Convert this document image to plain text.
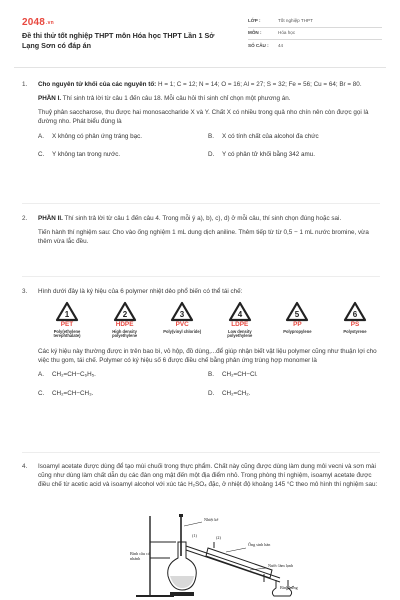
2048.vn
Đề thi thử tốt nghiệp THPT môn Hóa học THPT Lần 1 Sở Lạng Sơn có đáp án
LỚP :	Tốt nghiệp THPT
MÔN :	Hóa học
SỐ CÂU :	44
1. Cho nguyên tử khối của các nguyên tố: H = 1; C = 12; N = 14; O = 16; Al = 27; S = 32; Fe = 56; Cu = 64; Br = 80.
PHẦN I. Thí sinh trả lời từ câu 1 đến câu 18. Mỗi câu hỏi thí sinh chỉ chọn một phương án.
Thuỷ phân saccharose, thu được hai monosaccharide X và Y. Chất X có nhiều trong quả nho chín nên còn được gọi là đường nho. Phát biểu đúng là
A.	X không có phản ứng tráng bạc.	B.	X có tính chất của alcohol đa chức
C.	Y không tan trong nước.	D.	Y có phân tử khối bằng 342 amu.
2. PHẦN II. Thí sinh trả lời từ câu 1 đến câu 4. Trong mỗi ý a), b), c), d) ở mỗi câu, thí sinh chọn đúng hoặc sai.
Tiến hành thí nghiệm sau: Cho vào ống nghiệm 1 mL dung dịch aniline. Thêm tiếp từ từ 0,5 − 1 mL nước bromine, vừa thêm vừa lắc đều.
3. Hình dưới đây là ký hiệu của 6 polymer nhiệt dẻo phổ biến có thể tái chế:
1
PET
Poly(ethylene terephthalate)
2
HDPE
High density polyethylene
3
PVC
Poly(vinyl chloride)
4
LDPE
Low density polyethylene
5
PP
Polypropylene
6
PS
Polystyrene
Các ký hiệu này thường được in trên bao bì, vỏ hộp, đồ dùng,...để giúp nhận biết vật liệu polymer cũng như thuận lợi cho việc thu gom, tái chế. Polymer có ký hiệu số 6 được điều chế bằng phản ứng trùng hợp monomer là
A.	CH₂=CH−C₆H₅.	B.	CH₂=CH−Cl.
C.	CH₂=CH−CH₃.	D.	CH₂=CH₂.
4. Isoamyl acetate được dùng để tạo mùi chuối trong thực phẩm. Chất này cũng được dùng làm dung môi vecni và sơn mài cũng như dùng làm chất dẫn dụ các đàn ong mật đến một địa điểm nhỏ. Trong phòng thí nghiệm, isoamyl acetate được điều chế từ acetic acid và isoamyl alcohol với xúc tác H₂SO₄ đặc, ở nhiệt độ khoảng 145 °C theo mô hình thí nghiệm sau:
Nhiệt kế
Ống sinh hàn
Bình cầu có nhánh
Nước làm lạnh
Bình hứng
(1)	(2)
